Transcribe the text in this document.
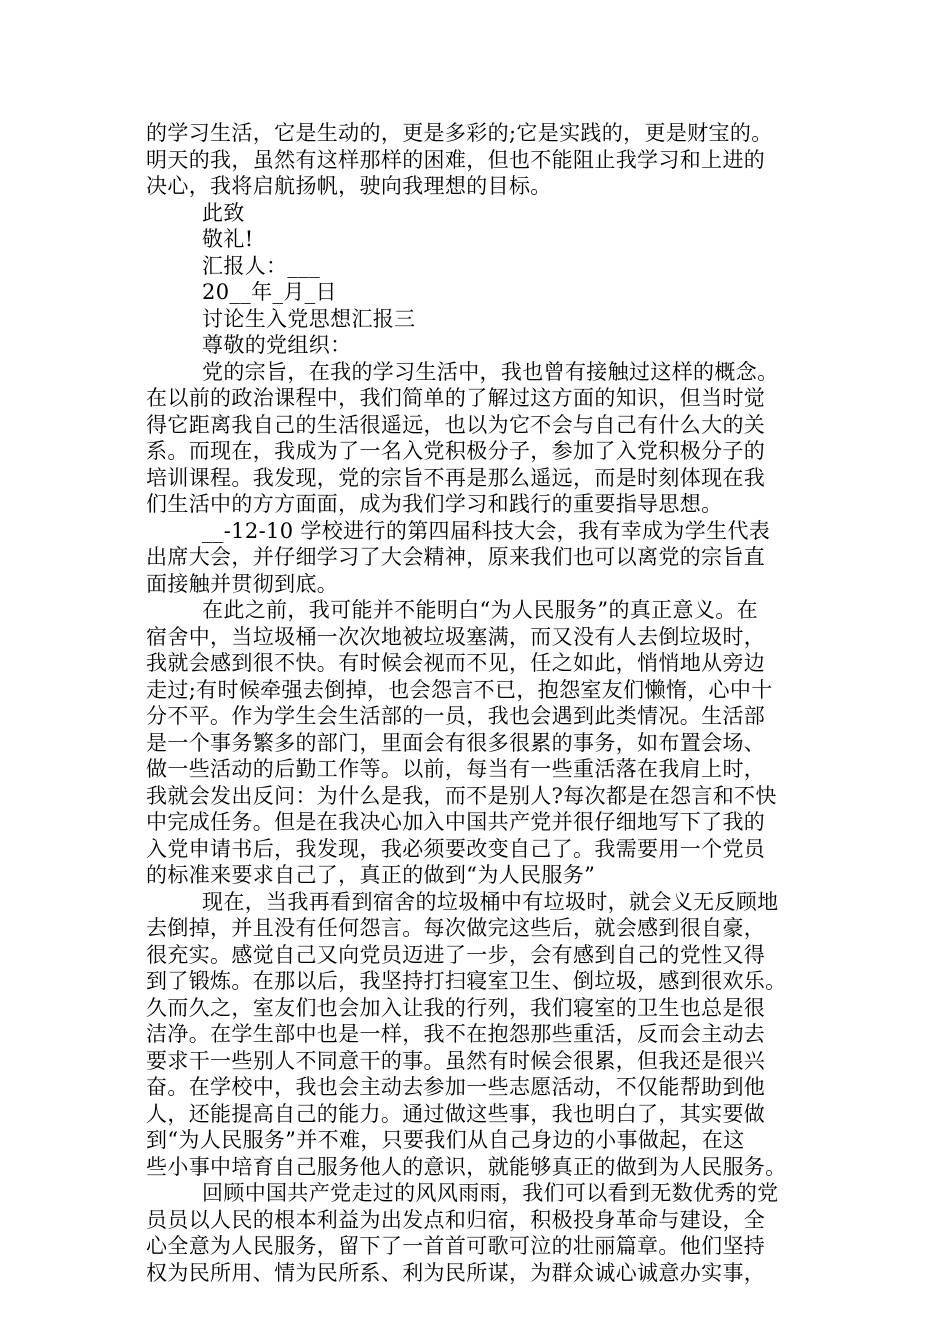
的学习生活，它是生动的，更是多彩的;它是实践的，更是财宝的。
明天的我，虽然有这样那样的困难，但也不能阻止我学习和上进的
决心，我将启航扬帆，驶向我理想的目标。
此致
敬礼!
汇报人：___
20__年_月_日
讨论生入党思想汇报三
尊敬的党组织：
党的宗旨，在我的学习生活中，我也曾有接触过这样的概念。
在以前的政治课程中，我们简单的了解过这方面的知识，但当时觉
得它距离我自己的生活很遥远，也以为它不会与自己有什么大的关
系。而现在，我成为了一名入党积极分子，参加了入党积极分子的
培训课程。我发现，党的宗旨不再是那么遥远，而是时刻体现在我
们生活中的方方面面，成为我们学习和践行的重要指导思想。
__-12-10 学校进行的第四届科技大会，我有幸成为学生代表
出席大会，并仔细学习了大会精神，原来我们也可以离党的宗旨直
面接触并贯彻到底。
在此之前，我可能并不能明白“为人民服务”的真正意义。在
宿舍中，当垃圾桶一次次地被垃圾塞满，而又没有人去倒垃圾时，
我就会感到很不快。有时候会视而不见，任之如此，悄悄地从旁边
走过;有时候牵强去倒掉，也会怨言不已，抱怨室友们懒惰，心中十
分不平。作为学生会生活部的一员，我也会遇到此类情况。生活部
是一个事务繁多的部门，里面会有很多很累的事务，如布置会场、
做一些活动的后勤工作等。以前，每当有一些重活落在我肩上时，
我就会发出反问：为什么是我，而不是别人?每次都是在怨言和不快
中完成任务。但是在我决心加入中国共产党并很仔细地写下了我的
入党申请书后，我发现，我必须要改变自己了。我需要用一个党员
的标准来要求自己了，真正的做到“为人民服务”
现在，当我再看到宿舍的垃圾桶中有垃圾时，就会义无反顾地
去倒掉，并且没有任何怨言。每次做完这些后，就会感到很自豪，
很充实。感觉自己又向党员迈进了一步，会有感到自己的党性又得
到了锻炼。在那以后，我坚持打扫寝室卫生、倒垃圾，感到很欢乐。
久而久之，室友们也会加入让我的行列，我们寝室的卫生也总是很
洁净。在学生部中也是一样，我不在抱怨那些重活，反而会主动去
要求干一些别人不同意干的事。虽然有时候会很累，但我还是很兴
奋。在学校中，我也会主动去参加一些志愿活动，不仅能帮助到他
人，还能提高自己的能力。通过做这些事，我也明白了，其实要做
到“为人民服务”并不难，只要我们从自己身边的小事做起，在这
些小事中培育自己服务他人的意识，就能够真正的做到为人民服务。
回顾中国共产党走过的风风雨雨，我们可以看到无数优秀的党
员员以人民的根本利益为出发点和归宿，积极投身革命与建设，全
心全意为人民服务，留下了一首首可歌可泣的壮丽篇章。他们坚持
权为民所用、情为民所系、利为民所谋，为群众诚心诚意办实事，
